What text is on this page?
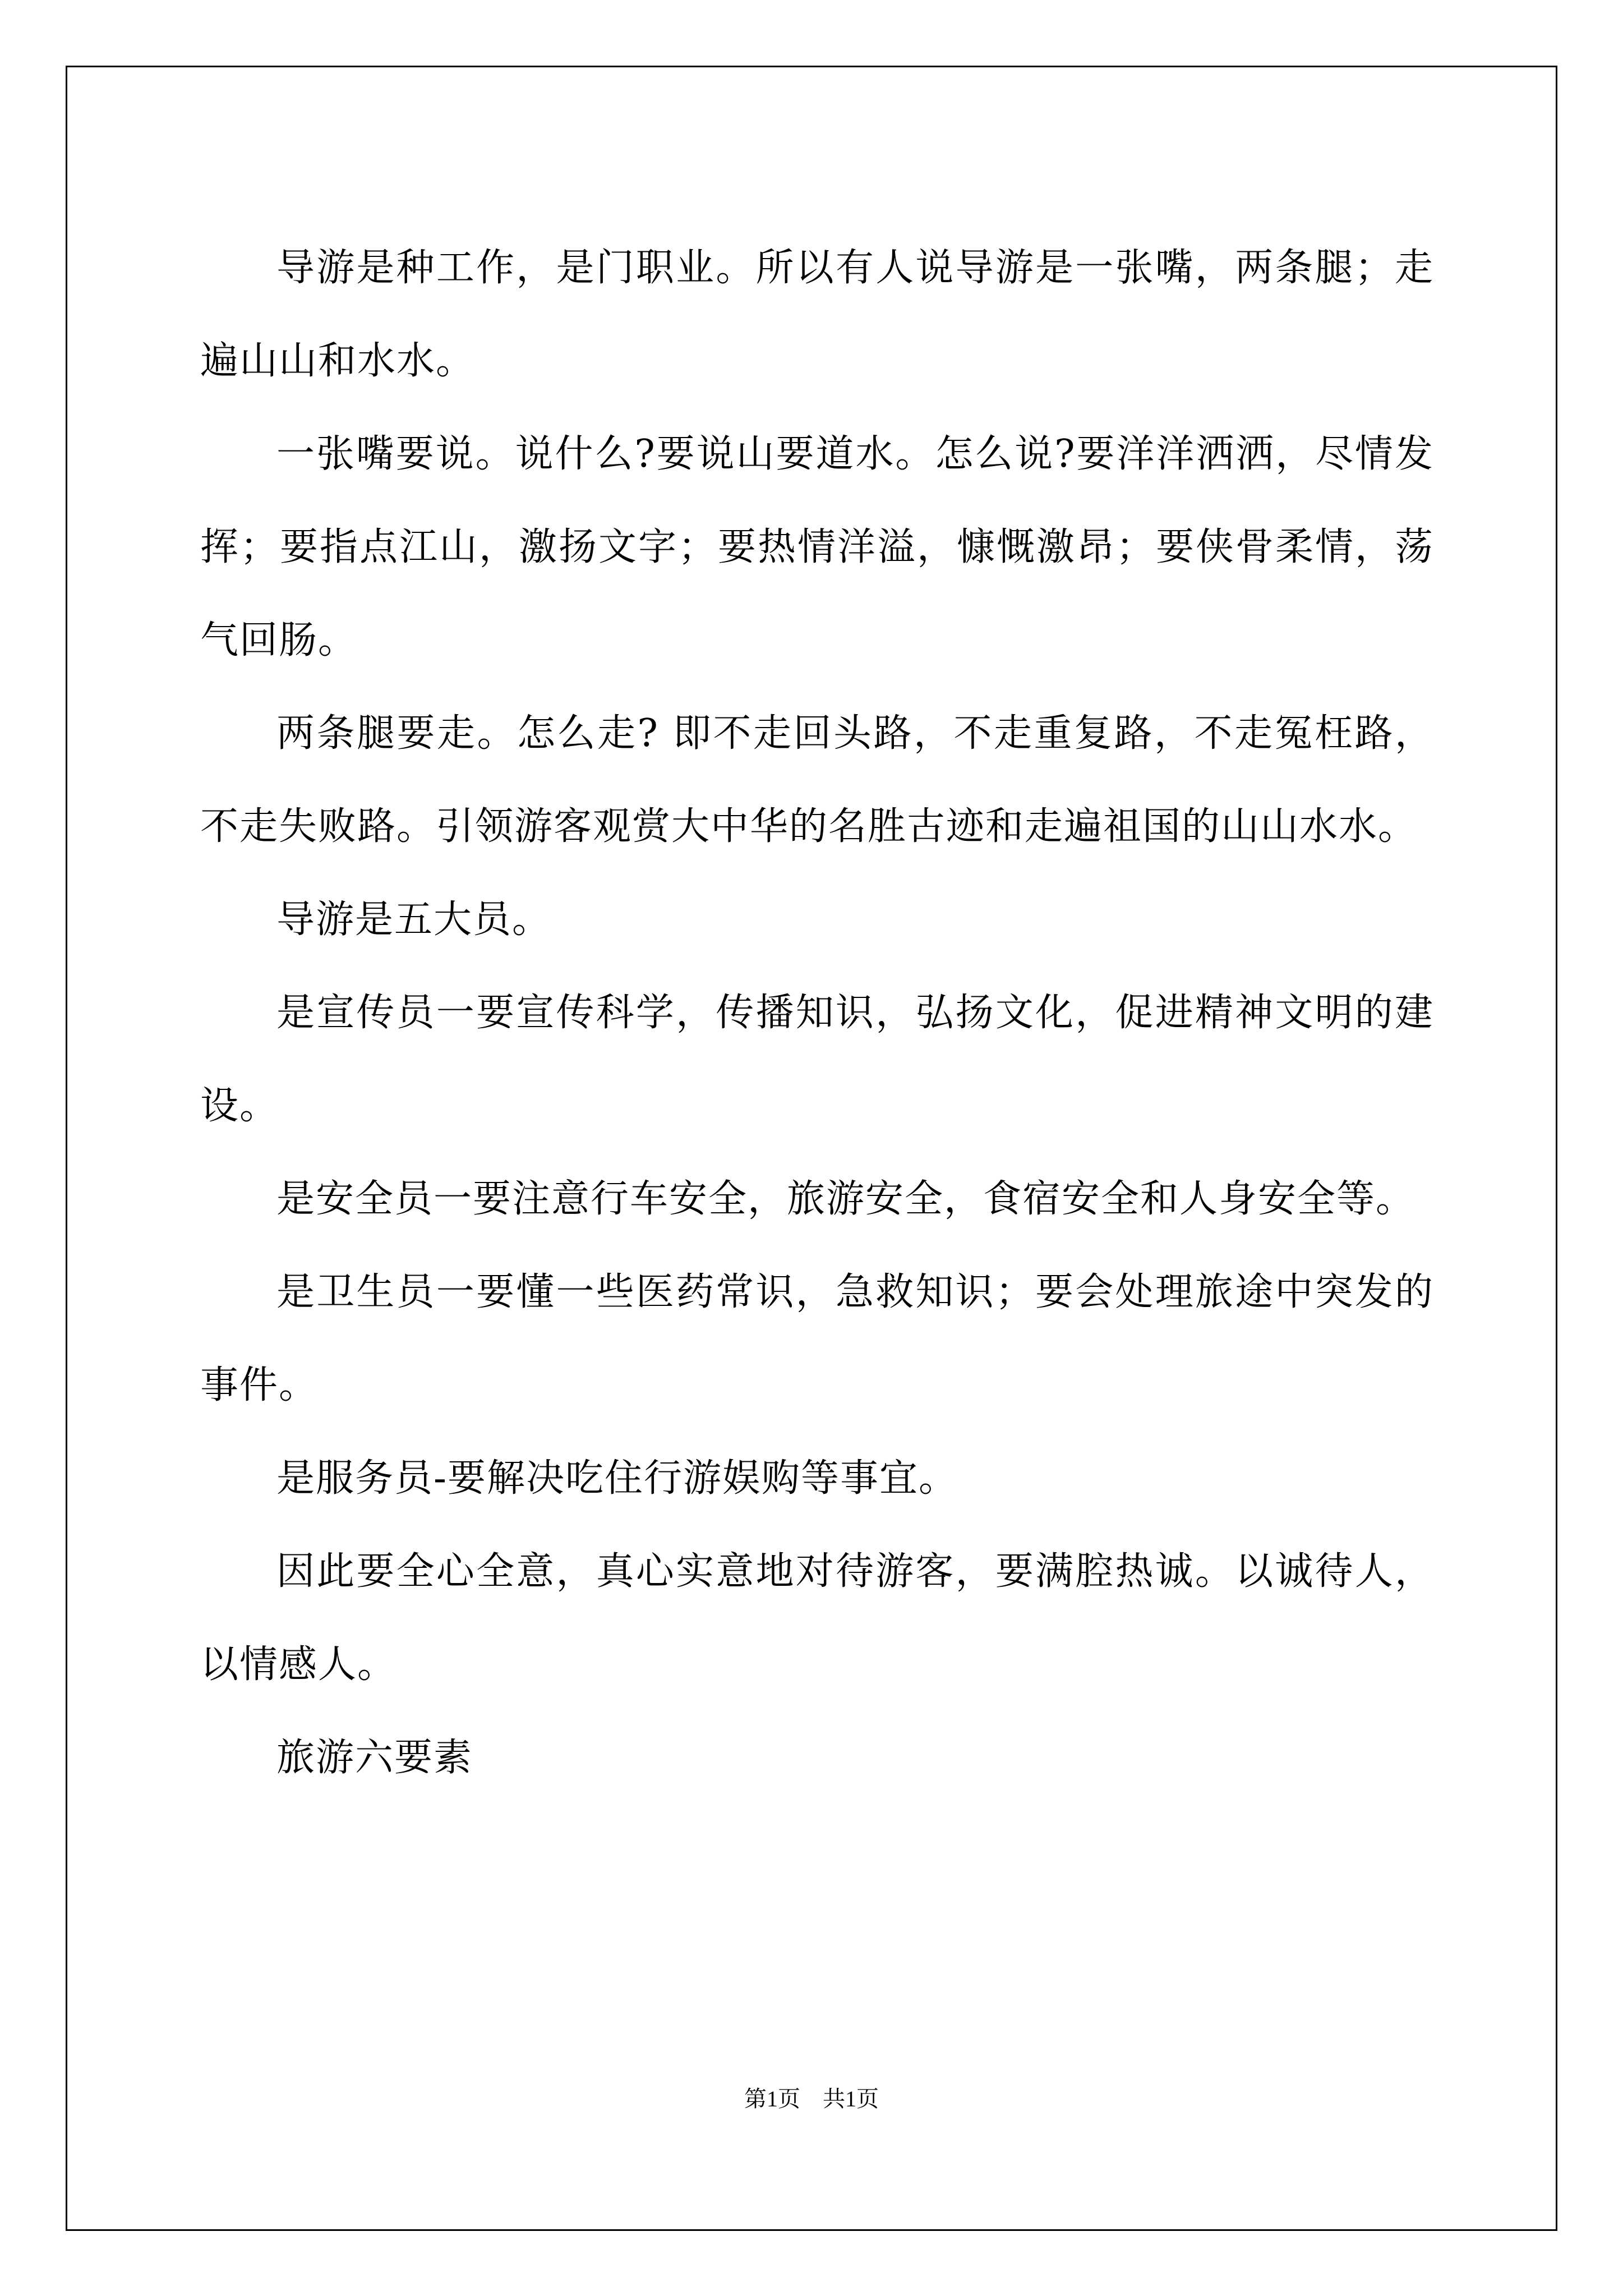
导游是种工作，是门职业。所以有人说导游是一张嘴，两条腿；走遍山山和水水。

一张嘴要说。说什么?要说山要道水。怎么说?要洋洋洒洒，尽情发挥；要指点江山，激扬文字；要热情洋溢，慷慨激昂；要侠骨柔情，荡气回肠。

两条腿要走。怎么走? 即不走回头路，不走重复路，不走冤枉路，不走失败路。引领游客观赏大中华的名胜古迹和走遍祖国的山山水水。

导游是五大员。

是宣传员一要宣传科学，传播知识，弘扬文化，促进精神文明的建设。

是安全员一要注意行车安全，旅游安全，食宿安全和人身安全等。

是卫生员一要懂一些医药常识，急救知识；要会处理旅途中突发的事件。

是服务员-要解决吃住行游娱购等事宜。

因此要全心全意，真心实意地对待游客，要满腔热诚。以诚待人，以情感人。

旅游六要素

第1页　共1页
